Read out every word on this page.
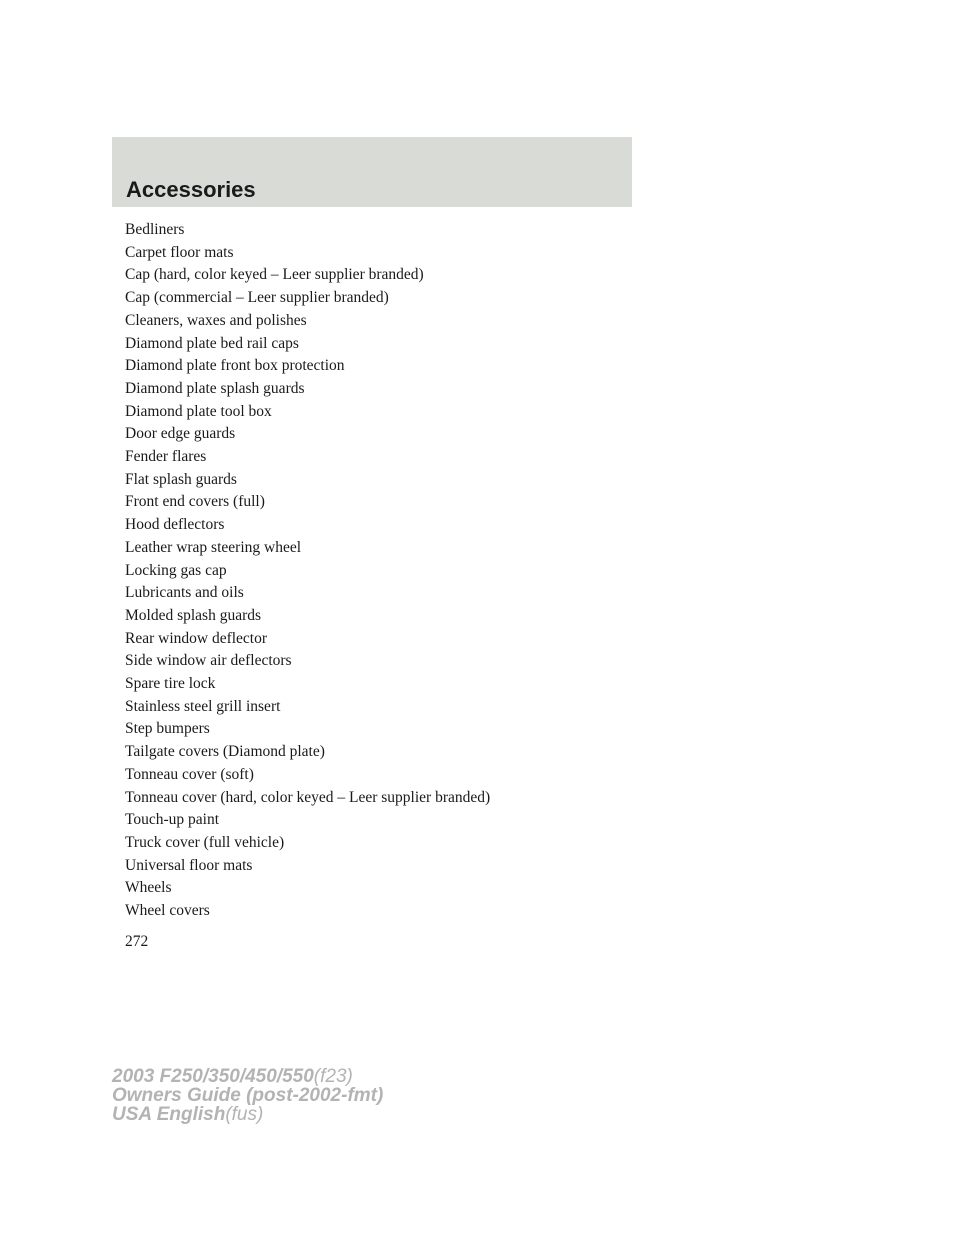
Accessories
Bedliners
Carpet floor mats
Cap (hard, color keyed – Leer supplier branded)
Cap (commercial – Leer supplier branded)
Cleaners, waxes and polishes
Diamond plate bed rail caps
Diamond plate front box protection
Diamond plate splash guards
Diamond plate tool box
Door edge guards
Fender flares
Flat splash guards
Front end covers (full)
Hood deflectors
Leather wrap steering wheel
Locking gas cap
Lubricants and oils
Molded splash guards
Rear window deflector
Side window air deflectors
Spare tire lock
Stainless steel grill insert
Step bumpers
Tailgate covers (Diamond plate)
Tonneau cover (soft)
Tonneau cover (hard, color keyed – Leer supplier branded)
Touch-up paint
Truck cover (full vehicle)
Universal floor mats
Wheels
Wheel covers
272
2003 F250/350/450/550(f23)
Owners Guide (post-2002-fmt)
USA English(fus)
